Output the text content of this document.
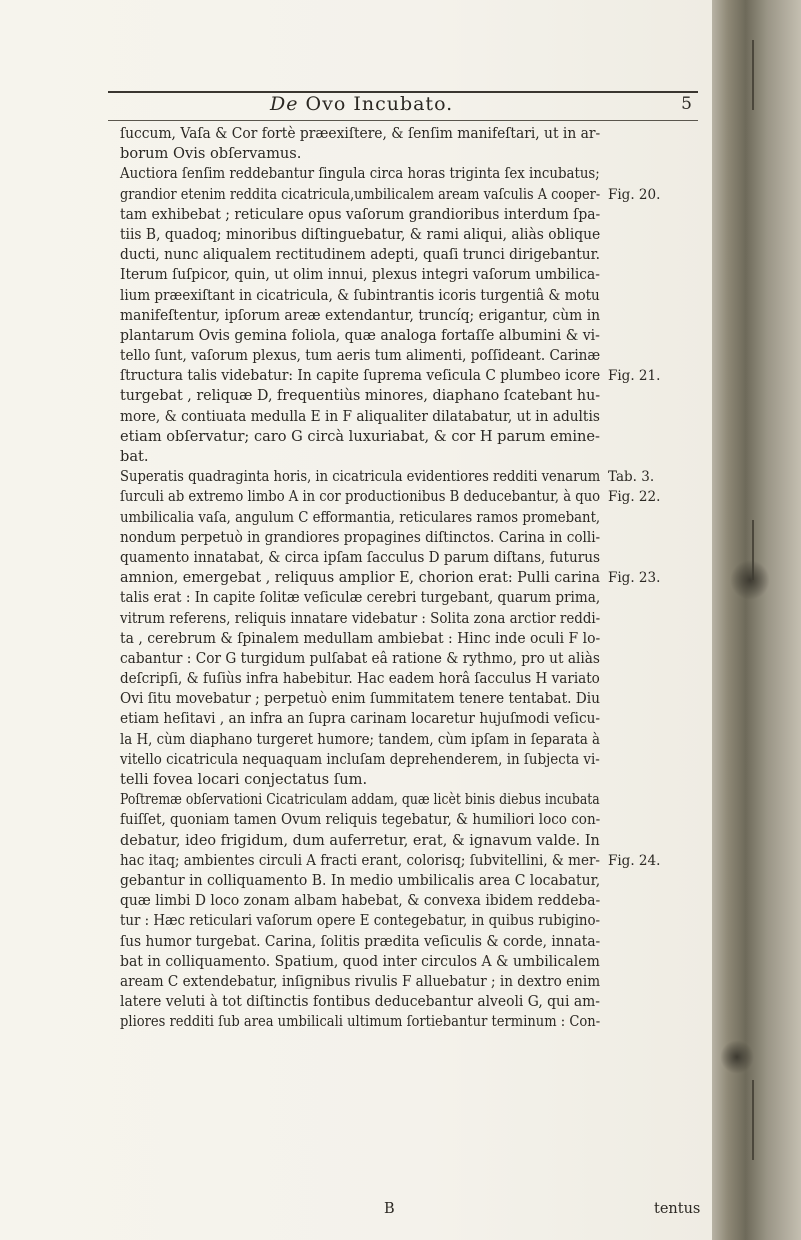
De Ovo Incubato.	5
ſuccum, Vaſa & Cor fortè præexiſtere, & ſenſim manifeſtari, ut in ar-
borum Ovis obſervamus.
Auctiora ſenſim reddebantur ſingula circa horas triginta ſex incubatus;
grandior etenim reddita cicatricula,umbilicalem aream vaſculis A cooper- Fig. 20.
tam exhibebat ; reticulare opus vaſorum grandioribus interdum ſpa-
tiis B, quadoq; minoribus diſtinguebatur, & rami aliqui, aliàs oblique
ducti, nunc aliqualem rectitudinem adepti, quaſi trunci dirigebantur.
Iterum ſuſpicor, quin, ut olim innui, plexus integri vaſorum umbilica-
lium præexiſtant in cicatricula, & ſubintrantis icoris turgentiâ & motu
manifeſtentur, ipſorum areæ extendantur, truncíq; erigantur, cùm in
plantarum Ovis gemina foliola, quæ analoga fortaſſe albumini & vi-
tello ſunt, vaſorum plexus, tum aeris tum alimenti, poſſideant. Carinæ
ſtructura talis videbatur: In capite ſuprema veſicula C plumbeo icore Fig. 21.
turgebat , reliquæ D, frequentiùs minores, diaphano ſcatebant hu-
more, & contiuata medulla E in F aliqualiter dilatabatur, ut in adultis
etiam obſervatur; caro G circà luxuriabat, & cor H parum emine-
bat.
Superatis quadraginta horis, in cicatricula evidentiores redditi venarum Tab. 3.
ſurculi ab extremo limbo A in cor productionibus B deducebantur, à quo Fig. 22.
umbilicalia vaſa, angulum C efformantia, reticulares ramos promebant,
nondum perpetuò in grandiores propagines diſtinctos. Carina in colli-
quamento innatabat, & circa ipſam ſacculus D parum diſtans, futurus
amnion, emergebat , reliquus amplior E, chorion erat: Pulli carina Fig. 23.
talis erat : In capite ſolitæ veſiculæ cerebri turgebant, quarum prima,
vitrum referens, reliquis innatare videbatur : Solita zona arctior reddi-
ta , cerebrum & ſpinalem medullam ambiebat : Hinc inde oculi F lo-
cabantur : Cor G turgidum pulſabat eâ ratione & rythmo, pro ut aliàs
deſcripſi, & fuſiùs infra habebitur. Hac eadem horâ ſacculus H variato
Ovi ſitu movebatur ; perpetuò enim ſummitatem tenere tentabat. Diu
etiam heſitavi , an infra an ſupra carinam locaretur hujuſmodi veſicu-
la H, cùm diaphano turgeret humore; tandem, cùm ipſam in ſeparata à
vitello cicatricula nequaquam incluſam deprehenderem, in ſubjecta vi-
telli fovea locari conjectatus ſum.
Poſtremæ obſervationi Cicatriculam addam, quæ licèt binis diebus incubata
fuiſſet, quoniam tamen Ovum reliquis tegebatur, & humiliori loco con-
debatur, ideo frigidum, dum auferretur, erat, & ignavum valde. In
hac itaq; ambientes circuli A fracti erant, colorisq; ſubvitellini, & mer- Fig. 24.
gebantur in colliquamento B. In medio umbilicalis area C locabatur,
quæ limbi D loco zonam albam habebat, & convexa ibidem reddeba-
tur : Hæc reticulari vaſorum opere E contegebatur, in quibus rubigino-
ſus humor turgebat. Carina, ſolitis prædita veſiculis & corde, innata-
bat in colliquamento. Spatium, quod inter circulos A & umbilicalem
aream C extendebatur, inſignibus rivulis F alluebatur ; in dextro enim
latere veluti à tot diſtinctis fontibus deducebantur alveoli G, qui am-
pliores redditi ſub area umbilicali ultimum ſortiebantur terminum : Con-
B	tentus
